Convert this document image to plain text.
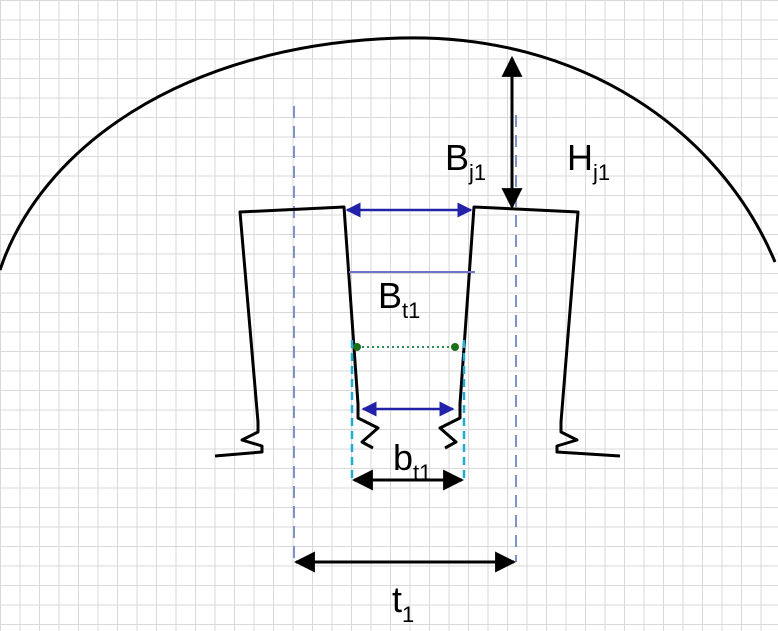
$B_{j1}$ $H_{j1}$
$B_{t1}$
$b_{t1}$
$t_1$
